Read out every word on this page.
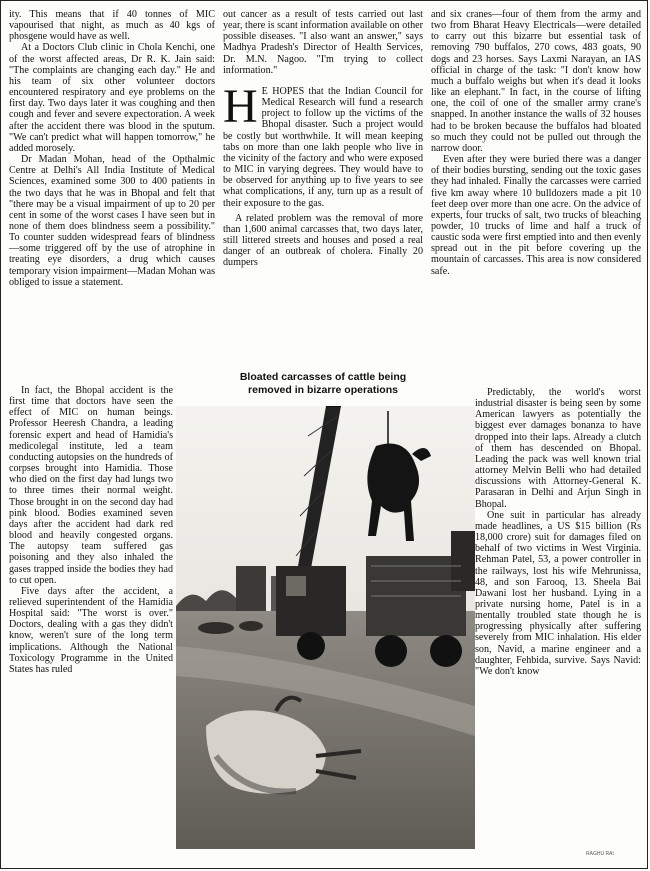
ity. This means that if 40 tonnes of MIC vapourised that night, as much as 40 kgs of phosgene would have as well.

At a Doctors Club clinic in Chola Kenchi, one of the worst affected areas, Dr R. K. Jain said: "The complaints are changing each day." He and his team of six other volunteer doctors encountered respiratory and eye problems on the first day. Two days later it was coughing and then cough and fever and severe expectoration. A week after the accident there was blood in the sputum. "We can't predict what will happen tomorrow," he added morosely.

Dr Madan Mohan, head of the Opthalmic Centre at Delhi's All India Institute of Medical Sciences, examined some 300 to 400 patients in the two days that he was in Bhopal and felt that "there may be a visual impairment of up to 20 per cent in some of the worst cases I have seen but in none of them does blindness seem a possibility." To counter sudden widespread fears of blindness—some triggered off by the use of atrophine in treating eye disorders, a drug which causes temporary vision impairment—Madan Mohan was obliged to issue a statement.

In fact, the Bhopal accident is the first time that doctors have seen the effect of MIC on human beings. Professor Heeresh Chandra, a leading forensic expert and head of Hamidia's medicolegal institute, led a team conducting autopsies on the hundreds of corpses brought into Hamidia. Those who died on the first day had lungs two to three times their normal weight. Those brought in on the second day had pink blood. Bodies examined seven days after the accident had dark red blood and heavily congested organs. The autopsy team suffered gas poisoning and they also inhaled the gases trapped inside the bodies they had to cut open.

Five days after the accident, a relieved superintendent of the Hamidia Hospital said: "The worst is over." Doctors, dealing with a gas they didn't know, weren't sure of the long term implications. Although the National Toxicology Programme in the United States has ruled

out cancer as a result of tests carried out last year, there is scant information available on other possible diseases. "I also want an answer," says Madhya Pradesh's Director of Health Services, Dr. M.N. Nagoo. "I'm trying to collect information."

H E HOPES that the Indian Council for Medical Research will fund a research project to follow up the victims of the Bhopal disaster. Such a project would be costly but worthwhile. It will mean keeping tabs on more than one lakh people who live in the vicinity of the factory and who were exposed to MIC in varying degrees. They would have to be observed for anything up to five years to see what complications, if any, turn up as a result of their exposure to the gas.

A related problem was the removal of more than 1,600 animal carcasses that, two days later, still littered streets and houses and posed a real danger of an outbreak of cholera. Finally 20 dumpers

Bloated carcasses of cattle being removed in bizarre operations

and six cranes—four of them from the army and two from Bharat Heavy Electricals—were detailed to carry out this bizarre but essential task of removing 790 buffalos, 270 cows, 483 goats, 90 dogs and 23 horses. Says Laxmi Narayan, an IAS official in charge of the task: "I don't know how much a buffalo weighs but when it's dead it looks like an elephant." In fact, in the course of lifting one, the coil of one of the smaller army crane's snapped. In another instance the walls of 32 houses had to be broken because the buffalos had bloated so much they could not be pulled out through the narrow door.

Even after they were buried there was a danger of their bodies bursting, sending out the toxic gases they had inhaled. Finally the carcasses were carried five km away where 10 bulldozers made a pit 10 feet deep over more than one acre. On the advice of experts, four trucks of salt, two trucks of bleaching powder, 10 trucks of lime and half a truck of caustic soda were first emptied into and then evenly spread out in the pit before covering up the mountain of carcasses. This area is now considered safe.

Predictably, the world's worst industrial disaster is being seen by some American lawyers as potentially the biggest ever damages bonanza to have dropped into their laps. Already a clutch of them has descended on Bhopal. Leading the pack was well known trial attorney Melvin Belli who had detailed discussions with Attorney-General K. Parasaran in Delhi and Arjun Singh in Bhopal.

One suit in particular has already made headlines, a US $15 billion (Rs 18,000 crore) suit for damages filed on behalf of two victims in West Virginia. Rehman Patel, 53, a power controller in the railways, lost his wife Mehrunissa, 48, and son Farooq, 13. Sheela Bai Dawani lost her husband. Lying in a private nursing home, Patel is in a mentally troubled state though he is progressing physically after suffering severely from MIC inhalation. His elder son, Navid, a marine engineer and a daughter, Fehbida, survive. Says Navid: "We don't know

RAGHU RAI
